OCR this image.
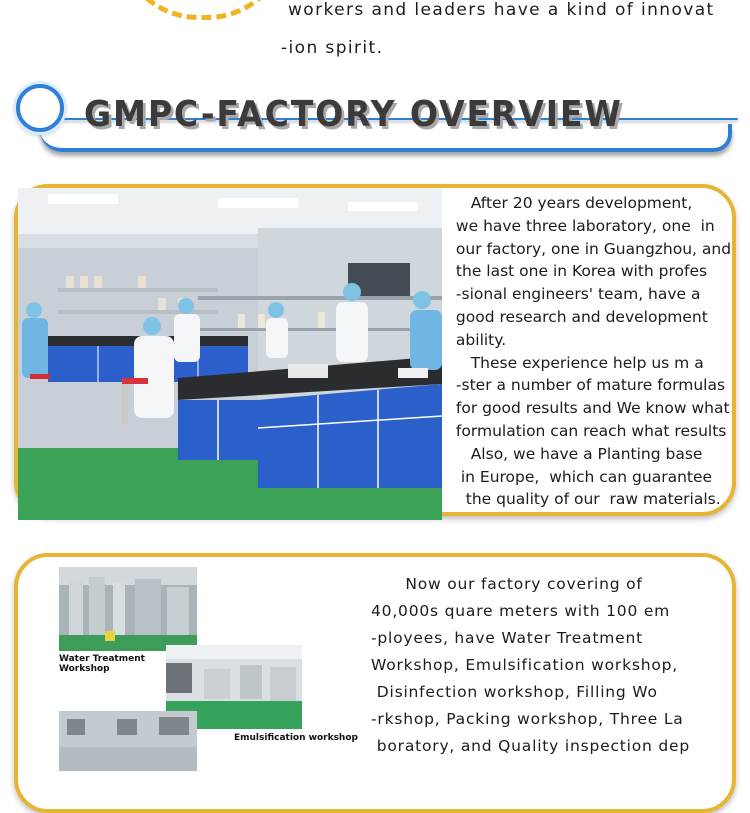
workers and leaders have a kind of innovat
-ion spirit.
GMPC-FACTORY OVERVIEW

After 20 years development,

we have three laboratory, one  in

our factory, one in Guangzhou, and

the last one in Korea with profes

-sional engineers' team, have a

good research and development

ability.

These experience help us m a

-ster a number of mature formulas

for good results and We know what

formulation can reach what results

Also, we have a Planting base

in Europe,  which can guarantee

the quality of our  raw materials.

Water Treatment
Workshop
Emulsification workshop

Now our factory covering of

40,000s quare meters with 100 em

-ployees, have Water Treatment

Workshop, Emulsification workshop,

Disinfection workshop, Filling Wo

-rkshop, Packing workshop, Three La

boratory, and Quality inspection dep
